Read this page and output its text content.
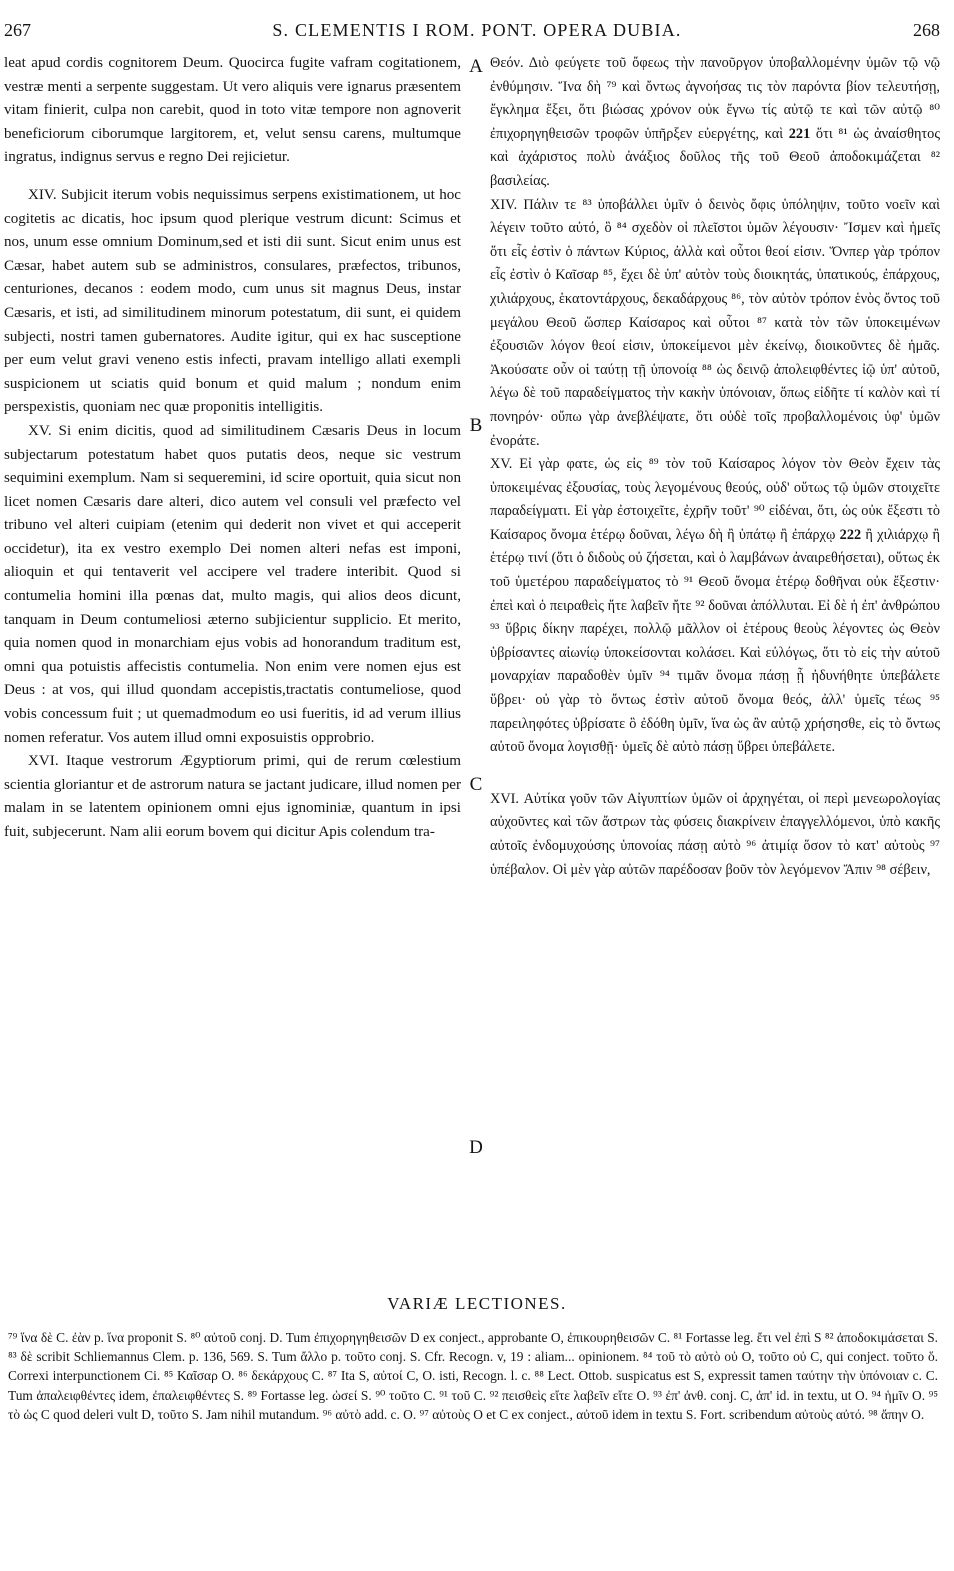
267	S. CLEMENTIS I ROM. PONT. OPERA DUBIA.	268

leat apud cordis cognitorem Deum. Quocirca fugite vafram cogitationem, vestræ menti a serpente suggestam. Ut vero aliquis vere ignarus præsentem vitam finierit, culpa non carebit, quod in toto vitæ tempore non agnoverit beneficiorum ciborumque largitorem, et, velut sensu carens, multumque ingratus, indignus servus e regno Dei rejicietur.

XIV. Subjicit iterum vobis nequissimus serpens existimationem, ut hoc cogitetis ac dicatis, hoc ipsum quod plerique vestrum dicunt: Scimus et nos, unum esse omnium Dominum,sed et isti dii sunt. Sicut enim unus est Cæsar, habet autem sub se administros, consulares, præfectos, tribunos, centuriones, decanos : eodem modo, cum unus sit magnus Deus, instar Cæsaris, et isti, ad similitudinem minorum potestatum, dii sunt, ei quidem subjecti, nostri tamen gubernatores. Audite igitur, qui ex hac susceptione per eum velut gravi veneno estis infecti, pravam intelligo allati exempli suspicionem ut sciatis quid bonum et quid malum ; nondum enim perspexistis, quoniam nec quæ proponitis intelligitis.

XV. Si enim dicitis, quod ad similitudinem Cæsaris Deus in locum subjectarum potestatum habet quos putatis deos, neque sic vestrum sequimini exemplum. Nam si sequeremini, id scire oportuit, quia sicut non licet nomen Cæsaris dare alteri, dico autem vel consuli vel præfecto vel tribuno vel alteri cuipiam (etenim qui dederit non vivet et qui acceperit occidetur), ita ex vestro exemplo Dei nomen alteri nefas est imponi, alioquin et qui tentaverit vel accipere vel tradere interibit. Quod si contumelia homini illa pœnas dat, multo magis, qui alios deos dicunt, tanquam in Deum contumeliosi æterno subjicientur supplicio. Et merito, quia nomen quod in monarchiam ejus vobis ad honorandum traditum est, omni qua potuistis affecistis contumelia. Non enim vere nomen ejus est Deus : at vos, qui illud quondam accepistis,tractatis contumeliose, quod vobis concessum fuit ; ut quemadmodum eo usi fueritis, id ad verum illius nomen referatur. Vos autem illud omni exposuistis opprobrio.

XVI. Itaque vestrorum Ægyptiorum primi, qui de rerum cœlestium scientia gloriantur et de astrorum natura se jactant judicare, illud nomen per malam in se latentem opinionem omni ejus ignominiæ, quantum in ipsi fuit, subjecerunt. Nam alii eorum bovem qui dicitur Apis colendum tra-

A
B
C
D

Θεόν. Διὸ φεύγετε τοῦ ὄφεως τὴν πανοῦργον ὑποβαλλομένην ὑμῶν τῷ νῷ ἐνθύμησιν. Ἵνα δὴ ⁷⁹ καὶ ὄντως ἀγνοήσας τις τὸν παρόντα βίον τελευτήσῃ, ἔγκλημα ἕξει, ὅτι βιώσας χρόνον οὐκ ἔγνω τίς αὐτῷ τε καὶ τῶν αὐτῷ ⁸⁰ ἐπιχορηγηθεισῶν τροφῶν ὑπῆρξεν εὐεργέτης, καὶ 221 ὅτι ⁸¹ ὡς ἀναίσθητος καὶ ἀχάριστος πολὺ ἀνάξιος δοῦλος τῆς τοῦ Θεοῦ ἀποδοκιμάζεται ⁸² βασιλείας.

XIV. Πάλιν τε ⁸³ ὑποβάλλει ὑμῖν ὁ δεινὸς ὄφις ὑπόληψιν, τοῦτο νοεῖν καὶ λέγειν τοῦτο αὐτό, ὃ ⁸⁴ σχεδὸν οἱ πλεῖστοι ὑμῶν λέγουσιν· Ἴσμεν καὶ ἡμεῖς ὅτι εἷς ἐστὶν ὁ πάντων Κύριος, ἀλλὰ καὶ οὗτοι θεοί εἰσιν. Ὅνπερ γὰρ τρόπον εἷς ἐστὶν ὁ Καῖσαρ ⁸⁵, ἔχει δὲ ὑπ' αὐτὸν τοὺς διοικητάς, ὑπατικούς, ἐπάρχους, χιλιάρχους, ἑκατοντάρχους, δεκαδάρχους ⁸⁶, τὸν αὐτὸν τρόπον ἑνὸς ὄντος τοῦ μεγάλου Θεοῦ ὥσπερ Καίσαρος καὶ οὗτοι ⁸⁷ κατὰ τὸν τῶν ὑποκειμένων ἐξουσιῶν λόγον θεοί εἰσιν, ὑποκείμενοι μὲν ἐκείνῳ, διοικοῦντες δὲ ἡμᾶς. Ἀκούσατε οὖν οἱ ταύτῃ τῇ ὑπονοίᾳ ⁸⁸ ὡς δεινῷ ἀπολειφθέντες ἰῷ ὑπ' αὐτοῦ, λέγω δὲ τοῦ παραδείγματος τὴν κακὴν ὑπόνοιαν, ὅπως εἰδῆτε τί καλὸν καὶ τί πονηρόν· οὔπω γὰρ ἀνεβλέψατε, ὅτι οὐδὲ τοῖς προβαλλομένοις ὑφ' ὑμῶν ἐνοράτε.

XV. Εἰ γὰρ φατε, ὡς εἰς ⁸⁹ τὸν τοῦ Καίσαρος λόγον τὸν Θεὸν ἔχειν τὰς ὑποκειμένας ἐξουσίας, τοὺς λεγομένους θεούς, οὐδ' οὕτως τῷ ὑμῶν στοιχεῖτε παραδείγματι. Εἰ γὰρ ἐστοιχεῖτε, ἐχρῆν τοῦτ' ⁹⁰ εἰδέναι, ὅτι, ὡς οὐκ ἔξεστι τὸ Καίσαρος ὄνομα ἑτέρῳ δοῦναι, λέγω δὴ ἢ ὑπάτῳ ἢ ἐπάρχῳ 222 ἢ χιλιάρχῳ ἢ ἑτέρῳ τινί (ὅτι ὁ διδοὺς οὐ ζήσεται, καὶ ὁ λαμβάνων ἀναιρεθήσεται), οὕτως ἐκ τοῦ ὑμετέρου παραδείγματος τὸ ⁹¹ Θεοῦ ὄνομα ἑτέρῳ δοθῆναι οὐκ ἔξεστιν· ἐπεὶ καὶ ὁ πειραθεὶς ἤτε λαβεῖν ἤτε ⁹² δοῦναι ἀπόλλυται. Εἰ δὲ ἡ ἐπ' ἀνθρώπου ⁹³ ὕβρις δίκην παρέχει, πολλῷ μᾶλλον οἱ ἑτέρους θεοὺς λέγοντες ὡς Θεὸν ὑβρίσαντες αἰωνίῳ ὑποκείσονται κολάσει. Καὶ εὐλόγως, ὅτι τὸ εἰς τὴν αὐτοῦ μοναρχίαν παραδοθὲν ὑμῖν ⁹⁴ τιμᾶν ὄνομα πάσῃ ᾗ ἠδυνήθητε ὑπεβάλετε ὕβρει· οὐ γὰρ τὸ ὄντως ἐστὶν αὐτοῦ ὄνομα θεός, ἀλλ' ὑμεῖς τέως ⁹⁵ παρειληφότες ὑβρίσατε ὃ ἐδόθη ὑμῖν, ἵνα ὡς ἂν αὐτῷ χρήσησθε, εἰς τὸ ὄντως αὐτοῦ ὄνομα λογισθῇ· ὑμεῖς δὲ αὐτὸ πάσῃ ὕβρει ὑπεβάλετε.

XVI. Αὐτίκα γοῦν τῶν Αἰγυπτίων ὑμῶν οἱ ἀρχηγέται, οἱ περὶ μενεωρολογίας αὐχοῦντες καὶ τῶν ἄστρων τὰς φύσεις διακρίνειν ἐπαγγελλόμενοι, ὑπὸ κακῆς αὐτοῖς ἐνδομυχούσης ὑπονοίας πάσῃ αὐτὸ ⁹⁶ ἀτιμίᾳ ὅσον τὸ κατ' αὐτοὺς ⁹⁷ ὑπέβαλον. Οἱ μὲν γὰρ αὐτῶν παρέδοσαν βοῦν τὸν λεγόμενον Ἄπιν ⁹⁸ σέβειν,

VARIÆ LECTIONES.

⁷⁹ ἵνα δὲ C. ἐὰν p. ἵνα proponit S. ⁸⁰ αὐτοῦ conj. D. Tum ἐπιχορηγηθεισῶν D ex conject., approbante O, ἐπικουρηθεισῶν C. ⁸¹ Fortasse leg. ἔτι vel ἐπὶ S ⁸² ἀποδοκιμάσεται S. ⁸³ δὲ scribit Schliemannus Clem. p. 136, 569. S. Tum ἄλλο p. τοῦτο conj. S. Cfr. Recogn. v, 19 : aliam... opinionem. ⁸⁴ τοῦ τὸ αὐτὸ οὐ O, τοῦτο οὐ C, qui conject. τοῦτο ὅ. Correxi interpunctionem Ci. ⁸⁵ Καῖσαρ O. ⁸⁶ δεκάρχους C. ⁸⁷ Ita S, αὐτοί C, O. isti, Recogn. l. c. ⁸⁸ Lect. Ottob. suspicatus est S, expressit tamen ταύτην τὴν ὑπόνοιαν c. C. Tum ἀπαλειφθέντες idem, ἐπαλειφθέντες S. ⁸⁹ Fortasse leg. ὡσεί S. ⁹⁰ τοῦτο C. ⁹¹ τοῦ C. ⁹² πεισθεὶς εἴτε λαβεῖν εἴτε O. ⁹³ ἐπ' ἀνθ. conj. C, ἀπ' id. in textu, ut O. ⁹⁴ ἡμῖν O. ⁹⁵ τὸ ὡς C quod deleri vult D, τοῦτο S. Jam nihil mutandum. ⁹⁶ αὐτὸ add. c. O. ⁹⁷ αὐτοὺς O et C ex conject., αὐτοῦ idem in textu S. Fort. scribendum αὐτοὺς αὐτό. ⁹⁸ ἄπην O.
